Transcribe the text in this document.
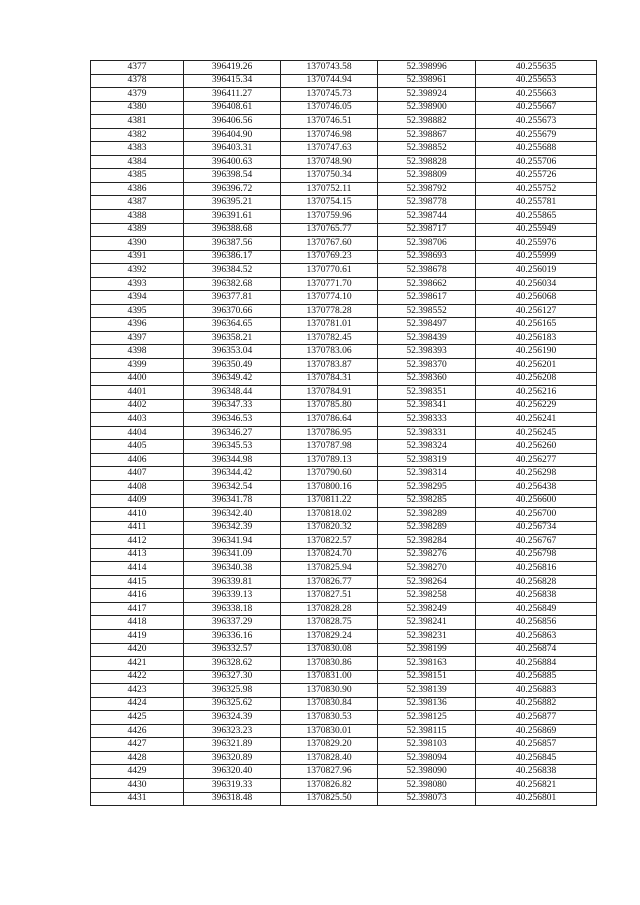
4377	396419.26	1370743.58	52.398996	40.255635
4378	396415.34	1370744.94	52.398961	40.255653
4379	396411.27	1370745.73	52.398924	40.255663
4380	396408.61	1370746.05	52.398900	40.255667
4381	396406.56	1370746.51	52.398882	40.255673
4382	396404.90	1370746.98	52.398867	40.255679
4383	396403.31	1370747.63	52.398852	40.255688
4384	396400.63	1370748.90	52.398828	40.255706
4385	396398.54	1370750.34	52.398809	40.255726
4386	396396.72	1370752.11	52.398792	40.255752
4387	396395.21	1370754.15	52.398778	40.255781
4388	396391.61	1370759.96	52.398744	40.255865
4389	396388.68	1370765.77	52.398717	40.255949
4390	396387.56	1370767.60	52.398706	40.255976
4391	396386.17	1370769.23	52.398693	40.255999
4392	396384.52	1370770.61	52.398678	40.256019
4393	396382.68	1370771.70	52.398662	40.256034
4394	396377.81	1370774.10	52.398617	40.256068
4395	396370.66	1370778.28	52.398552	40.256127
4396	396364.65	1370781.01	52.398497	40.256165
4397	396358.21	1370782.45	52.398439	40.256183
4398	396353.04	1370783.06	52.398393	40.256190
4399	396350.49	1370783.87	52.398370	40.256201
4400	396349.42	1370784.31	52.398360	40.256208
4401	396348.44	1370784.91	52.398351	40.256216
4402	396347.33	1370785.80	52.398341	40.256229
4403	396346.53	1370786.64	52.398333	40.256241
4404	396346.27	1370786.95	52.398331	40.256245
4405	396345.53	1370787.98	52.398324	40.256260
4406	396344.98	1370789.13	52.398319	40.256277
4407	396344.42	1370790.60	52.398314	40.256298
4408	396342.54	1370800.16	52.398295	40.256438
4409	396341.78	1370811.22	52.398285	40.256600
4410	396342.40	1370818.02	52.398289	40.256700
4411	396342.39	1370820.32	52.398289	40.256734
4412	396341.94	1370822.57	52.398284	40.256767
4413	396341.09	1370824.70	52.398276	40.256798
4414	396340.38	1370825.94	52.398270	40.256816
4415	396339.81	1370826.77	52.398264	40.256828
4416	396339.13	1370827.51	52.398258	40.256838
4417	396338.18	1370828.28	52.398249	40.256849
4418	396337.29	1370828.75	52.398241	40.256856
4419	396336.16	1370829.24	52.398231	40.256863
4420	396332.57	1370830.08	52.398199	40.256874
4421	396328.62	1370830.86	52.398163	40.256884
4422	396327.30	1370831.00	52.398151	40.256885
4423	396325.98	1370830.90	52.398139	40.256883
4424	396325.62	1370830.84	52.398136	40.256882
4425	396324.39	1370830.53	52.398125	40.256877
4426	396323.23	1370830.01	52.398115	40.256869
4427	396321.89	1370829.20	52.398103	40.256857
4428	396320.89	1370828.40	52.398094	40.256845
4429	396320.40	1370827.96	52.398090	40.256838
4430	396319.33	1370826.82	52.398080	40.256821
4431	396318.48	1370825.50	52.398073	40.256801
